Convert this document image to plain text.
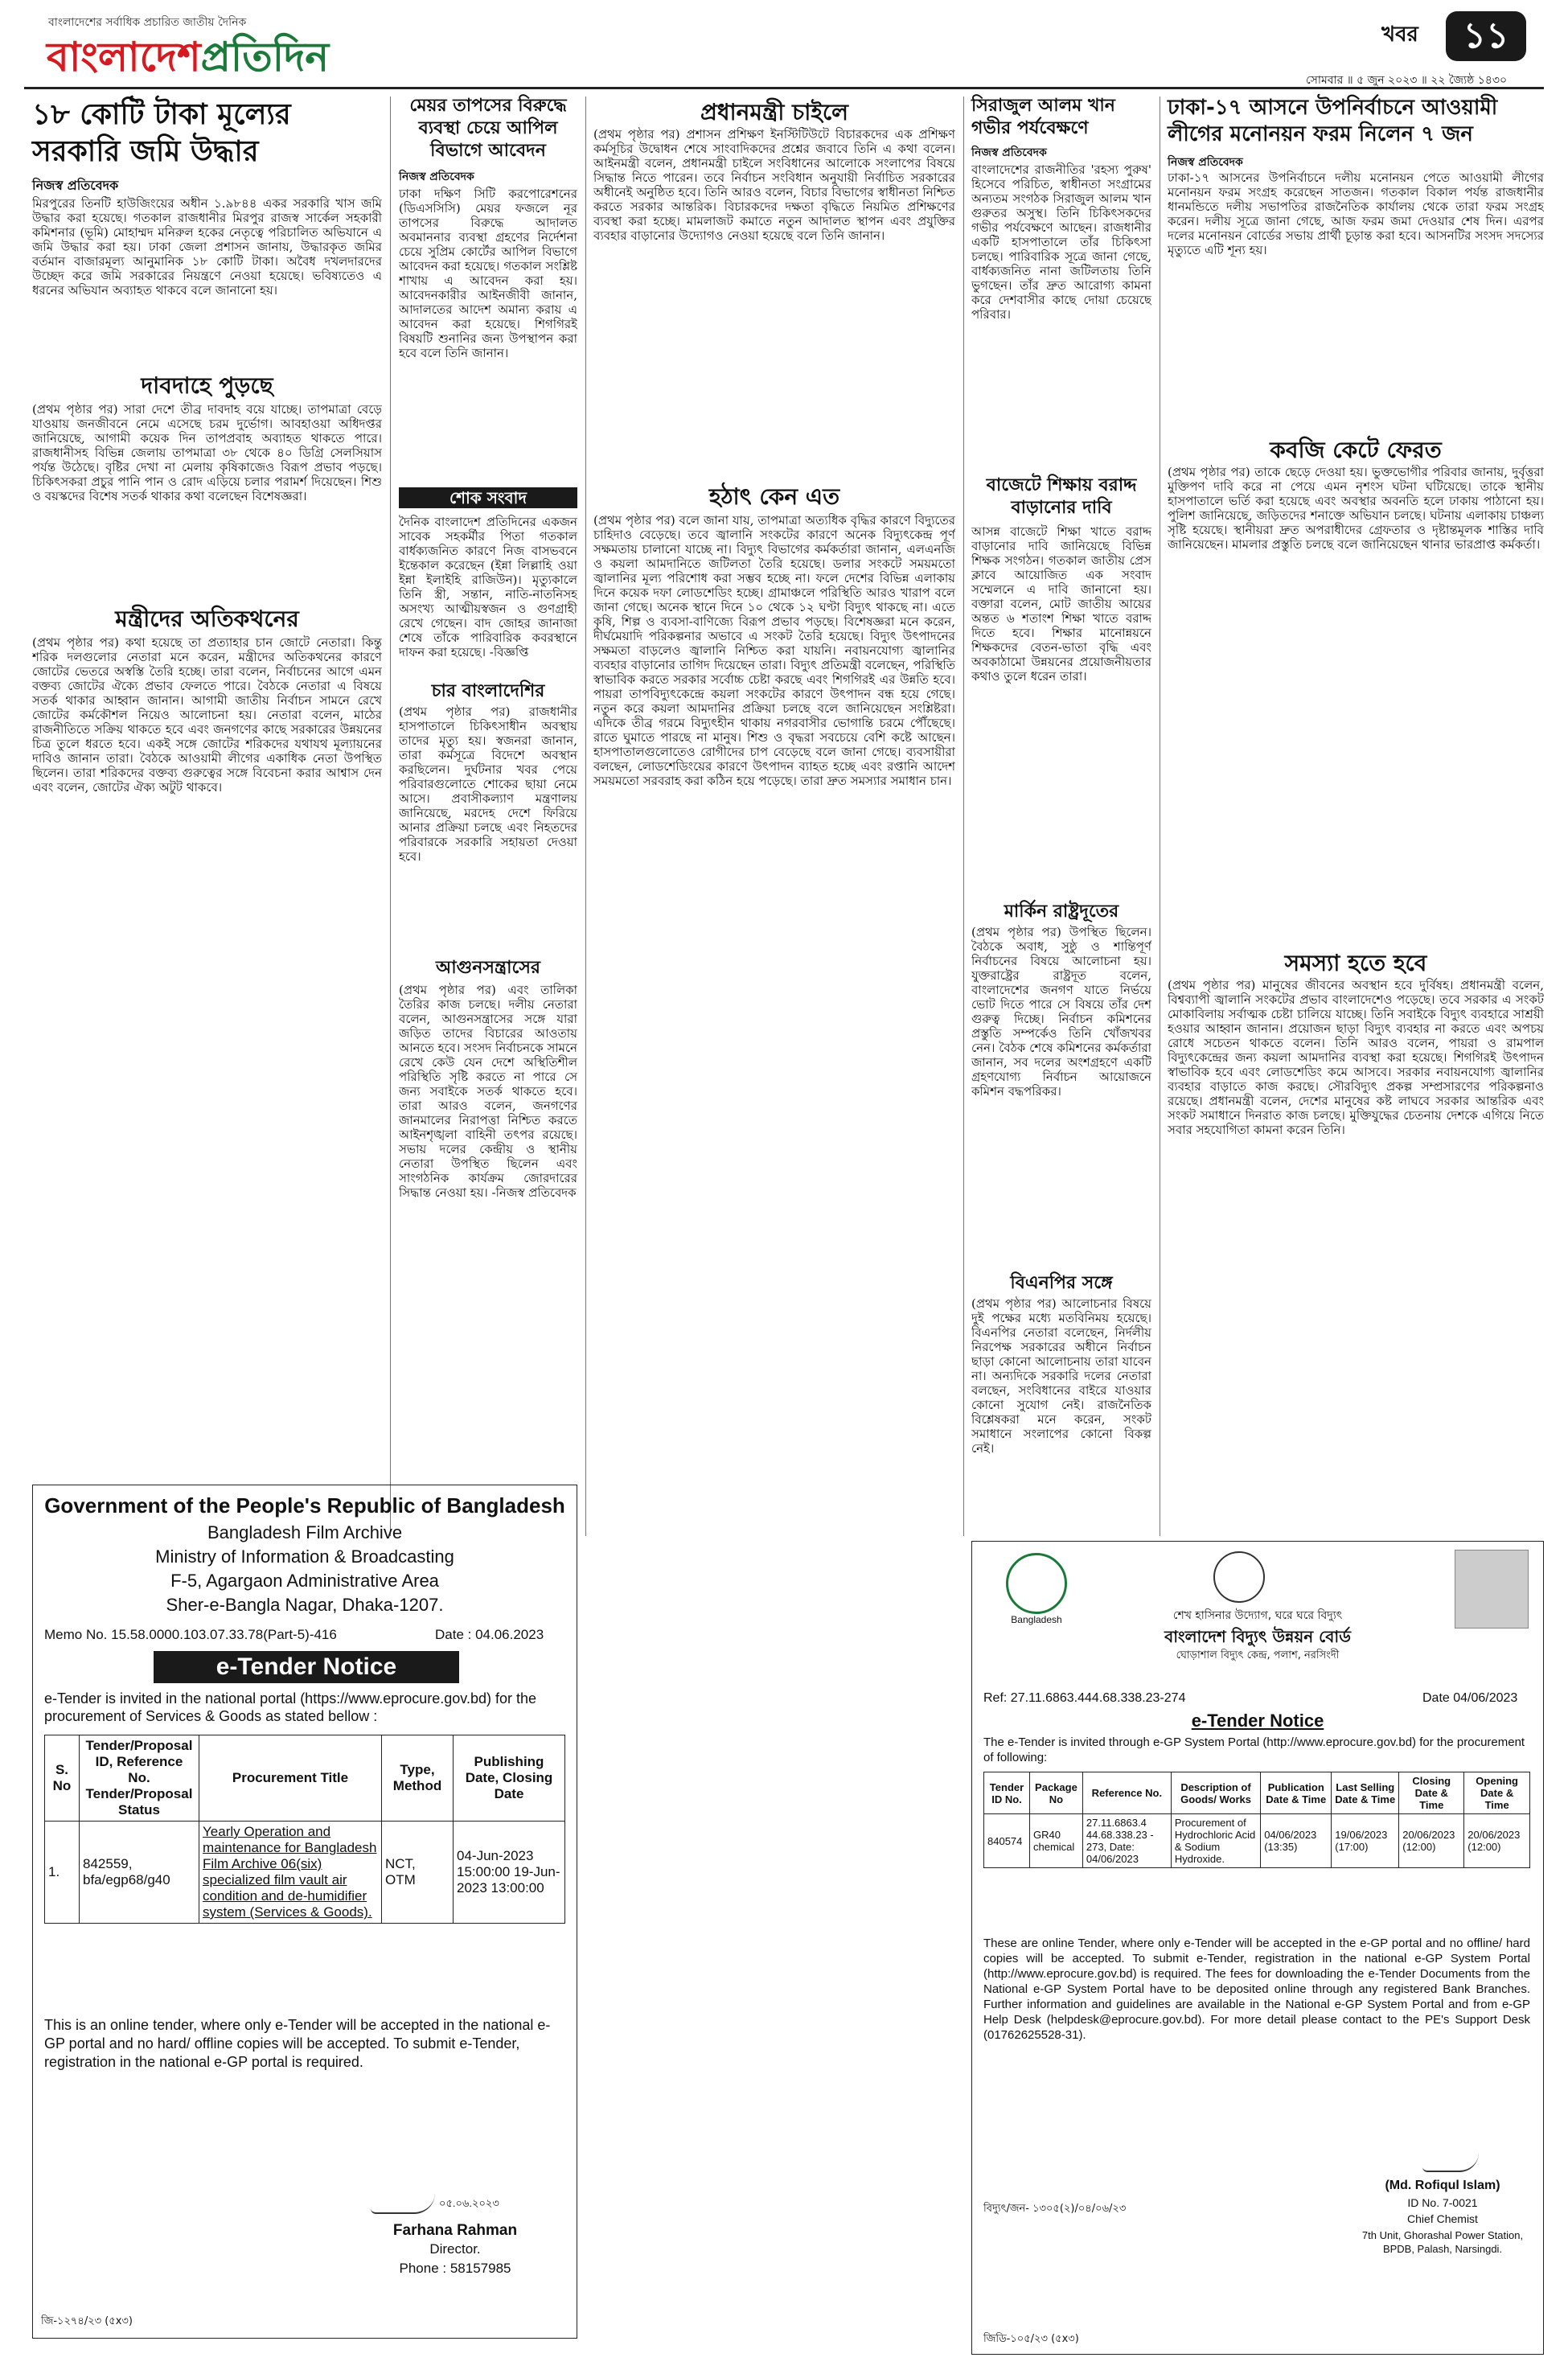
বাংলাদেশের সর্বাধিক প্রচারিত জাতীয় দৈনিক
বাংলাদেশপ্রতিদিন	খবর	১১
সোমবার ॥ ৫ জুন ২০২৩ ॥ ২২ জ্যৈষ্ঠ ১৪৩০
১৮ কোটি টাকা মূল্যের সরকারি জমি উদ্ধার
নিজস্ব প্রতিবেদক
মিরপুরের তিনটি হাউজিংয়ের অধীন ১.৯৮৪৪ একর সরকারি খাস জমি উদ্ধার করা হয়েছে। গতকাল রাজধানীর মিরপুর রাজস্ব সার্কেল সহকারী কমিশনার (ভূমি) মোহাম্মদ মনিরুল হকের নেতৃত্বে পরিচালিত অভিযানে এ জমি উদ্ধার করা হয়। ঢাকা জেলা প্রশাসন জানায়, উদ্ধারকৃত জমির বর্তমান বাজারমূল্য আনুমানিক ১৮ কোটি টাকা। অবৈধ দখলদারদের উচ্ছেদ করে জমি সরকারের নিয়ন্ত্রণে নেওয়া হয়েছে। ভবিষ্যতেও এ ধরনের অভিযান অব্যাহত থাকবে বলে জানানো হয়।
দাবদাহে পুড়ছে
(প্রথম পৃষ্ঠার পর) সারা দেশে তীব্র দাবদাহ বয়ে যাচ্ছে। তাপমাত্রা বেড়ে যাওয়ায় জনজীবনে নেমে এসেছে চরম দুর্ভোগ। আবহাওয়া অধিদপ্তর জানিয়েছে, আগামী কয়েক দিন তাপপ্রবাহ অব্যাহত থাকতে পারে। রাজধানীসহ বিভিন্ন জেলায় তাপমাত্রা ৩৮ থেকে ৪০ ডিগ্রি সেলসিয়াস পর্যন্ত উঠেছে। বৃষ্টির দেখা না মেলায় কৃষিকাজেও বিরূপ প্রভাব পড়ছে। চিকিৎসকরা প্রচুর পানি পান ও রোদ এড়িয়ে চলার পরামর্শ দিয়েছেন। শিশু ও বয়স্কদের বিশেষ সতর্ক থাকার কথা বলেছেন বিশেষজ্ঞরা।
মন্ত্রীদের অতিকথনের
(প্রথম পৃষ্ঠার পর) কথা হয়েছে তা প্রত্যাহার চান জোটে নেতারা। কিন্তু শরিক দলগুলোর নেতারা মনে করেন, মন্ত্রীদের অতিকথনের কারণে জোটের ভেতরে অস্বস্তি তৈরি হচ্ছে। তারা বলেন, নির্বাচনের আগে এমন বক্তব্য জোটের ঐক্যে প্রভাব ফেলতে পারে। বৈঠকে নেতারা এ বিষয়ে সতর্ক থাকার আহ্বান জানান। আগামী জাতীয় নির্বাচন সামনে রেখে জোটের কর্মকৌশল নিয়েও আলোচনা হয়। নেতারা বলেন, মাঠের রাজনীতিতে সক্রিয় থাকতে হবে এবং জনগণের কাছে সরকারের উন্নয়নের চিত্র তুলে ধরতে হবে। একই সঙ্গে জোটের শরিকদের যথাযথ মূল্যায়নের দাবিও জানান তারা। বৈঠকে আওয়ামী লীগের একাধিক নেতা উপস্থিত ছিলেন। তারা শরিকদের বক্তব্য গুরুত্বের সঙ্গে বিবেচনা করার আশ্বাস দেন এবং বলেন, জোটের ঐক্য অটুট থাকবে।
মেয়র তাপসের বিরুদ্ধে ব্যবস্থা চেয়ে আপিল বিভাগে আবেদন
নিজস্ব প্রতিবেদক
ঢাকা দক্ষিণ সিটি করপোরেশনের (ডিএসসিসি) মেয়র ফজলে নূর তাপসের বিরুদ্ধে আদালত অবমাননার ব্যবস্থা গ্রহণের নির্দেশনা চেয়ে সুপ্রিম কোর্টের আপিল বিভাগে আবেদন করা হয়েছে। গতকাল সংশ্লিষ্ট শাখায় এ আবেদন করা হয়। আবেদনকারীর আইনজীবী জানান, আদালতের আদেশ অমান্য করায় এ আবেদন করা হয়েছে। শিগগিরই বিষয়টি শুনানির জন্য উপস্থাপন করা হবে বলে তিনি জানান।
শোক সংবাদ
দৈনিক বাংলাদেশ প্রতিদিনের একজন সাবেক সহকর্মীর পিতা গতকাল বার্ধক্যজনিত কারণে নিজ বাসভবনে ইন্তেকাল করেছেন (ইন্না লিল্লাহি ওয়া ইন্না ইলাইহি রাজিউন)। মৃত্যুকালে তিনি স্ত্রী, সন্তান, নাতি-নাতনিসহ অসংখ্য আত্মীয়স্বজন ও গুণগ্রাহী রেখে গেছেন। বাদ জোহর জানাজা শেষে তাঁকে পারিবারিক কবরস্থানে দাফন করা হয়েছে। -বিজ্ঞপ্তি
চার বাংলাদেশির
(প্রথম পৃষ্ঠার পর) রাজধানীর হাসপাতালে চিকিৎসাধীন অবস্থায় তাদের মৃত্যু হয়। স্বজনরা জানান, তারা কর্মসূত্রে বিদেশে অবস্থান করছিলেন। দুর্ঘটনার খবর পেয়ে পরিবারগুলোতে শোকের ছায়া নেমে আসে। প্রবাসীকল্যাণ মন্ত্রণালয় জানিয়েছে, মরদেহ দেশে ফিরিয়ে আনার প্রক্রিয়া চলছে এবং নিহতদের পরিবারকে সরকারি সহায়তা দেওয়া হবে।
আগুনসন্ত্রাসের
(প্রথম পৃষ্ঠার পর) এবং তালিকা তৈরির কাজ চলছে। দলীয় নেতারা বলেন, আগুনসন্ত্রাসের সঙ্গে যারা জড়িত তাদের বিচারের আওতায় আনতে হবে। সংসদ নির্বাচনকে সামনে রেখে কেউ যেন দেশে অস্থিতিশীল পরিস্থিতি সৃষ্টি করতে না পারে সে জন্য সবাইকে সতর্ক থাকতে হবে। তারা আরও বলেন, জনগণের জানমালের নিরাপত্তা নিশ্চিত করতে আইনশৃঙ্খলা বাহিনী তৎপর রয়েছে। সভায় দলের কেন্দ্রীয় ও স্থানীয় নেতারা উপস্থিত ছিলেন এবং সাংগঠনিক কার্যক্রম জোরদারের সিদ্ধান্ত নেওয়া হয়। -নিজস্ব প্রতিবেদক
প্রধানমন্ত্রী চাইলে
(প্রথম পৃষ্ঠার পর) প্রশাসন প্রশিক্ষণ ইনস্টিটিউটে বিচারকদের এক প্রশিক্ষণ কর্মসূচির উদ্বোধন শেষে সাংবাদিকদের প্রশ্নের জবাবে তিনি এ কথা বলেন। আইনমন্ত্রী বলেন, প্রধানমন্ত্রী চাইলে সংবিধানের আলোকে সংলাপের বিষয়ে সিদ্ধান্ত নিতে পারেন। তবে নির্বাচন সংবিধান অনুযায়ী নির্বাচিত সরকারের অধীনেই অনুষ্ঠিত হবে। তিনি আরও বলেন, বিচার বিভাগের স্বাধীনতা নিশ্চিত করতে সরকার আন্তরিক। বিচারকদের দক্ষতা বৃদ্ধিতে নিয়মিত প্রশিক্ষণের ব্যবস্থা করা হচ্ছে। মামলাজট কমাতে নতুন আদালত স্থাপন এবং প্রযুক্তির ব্যবহার বাড়ানোর উদ্যোগও নেওয়া হয়েছে বলে তিনি জানান।
হঠাৎ কেন এত
(প্রথম পৃষ্ঠার পর) বলে জানা যায়, তাপমাত্রা অত্যধিক বৃদ্ধির কারণে বিদ্যুতের চাহিদাও বেড়েছে। তবে জ্বালানি সংকটের কারণে অনেক বিদ্যুৎকেন্দ্র পূর্ণ সক্ষমতায় চালানো যাচ্ছে না। বিদ্যুৎ বিভাগের কর্মকর্তারা জানান, এলএনজি ও কয়লা আমদানিতে জটিলতা তৈরি হয়েছে। ডলার সংকটে সময়মতো জ্বালানির মূল্য পরিশোধ করা সম্ভব হচ্ছে না। ফলে দেশের বিভিন্ন এলাকায় দিনে কয়েক দফা লোডশেডিং হচ্ছে। গ্রামাঞ্চলে পরিস্থিতি আরও খারাপ বলে জানা গেছে। অনেক স্থানে দিনে ১০ থেকে ১২ ঘণ্টা বিদ্যুৎ থাকছে না। এতে কৃষি, শিল্প ও ব্যবসা-বাণিজ্যে বিরূপ প্রভাব পড়ছে। বিশেষজ্ঞরা মনে করেন, দীর্ঘমেয়াদি পরিকল্পনার অভাবে এ সংকট তৈরি হয়েছে। বিদ্যুৎ উৎপাদনের সক্ষমতা বাড়লেও জ্বালানি নিশ্চিত করা যায়নি। নবায়নযোগ্য জ্বালানির ব্যবহার বাড়ানোর তাগিদ দিয়েছেন তারা। বিদ্যুৎ প্রতিমন্ত্রী বলেছেন, পরিস্থিতি স্বাভাবিক করতে সরকার সর্বোচ্চ চেষ্টা করছে এবং শিগগিরই এর উন্নতি হবে। পায়রা তাপবিদ্যুৎকেন্দ্রে কয়লা সংকটের কারণে উৎপাদন বন্ধ হয়ে গেছে। নতুন করে কয়লা আমদানির প্রক্রিয়া চলছে বলে জানিয়েছেন সংশ্লিষ্টরা। এদিকে তীব্র গরমে বিদ্যুৎহীন থাকায় নগরবাসীর ভোগান্তি চরমে পৌঁছেছে। রাতে ঘুমাতে পারছে না মানুষ। শিশু ও বৃদ্ধরা সবচেয়ে বেশি কষ্টে আছেন। হাসপাতালগুলোতেও রোগীদের চাপ বেড়েছে বলে জানা গেছে। ব্যবসায়ীরা বলছেন, লোডশেডিংয়ের কারণে উৎপাদন ব্যাহত হচ্ছে এবং রপ্তানি আদেশ সময়মতো সরবরাহ করা কঠিন হয়ে পড়েছে। তারা দ্রুত সমস্যার সমাধান চান।
সিরাজুল আলম খান গভীর পর্যবেক্ষণে
নিজস্ব প্রতিবেদক
বাংলাদেশের রাজনীতির 'রহস্য পুরুষ' হিসেবে পরিচিত, স্বাধীনতা সংগ্রামের অন্যতম সংগঠক সিরাজুল আলম খান গুরুতর অসুস্থ। তিনি চিকিৎসকদের গভীর পর্যবেক্ষণে আছেন। রাজধানীর একটি হাসপাতালে তাঁর চিকিৎসা চলছে। পারিবারিক সূত্রে জানা গেছে, বার্ধক্যজনিত নানা জটিলতায় তিনি ভুগছেন। তাঁর দ্রুত আরোগ্য কামনা করে দেশবাসীর কাছে দোয়া চেয়েছে পরিবার।
বাজেটে শিক্ষায় বরাদ্দ বাড়ানোর দাবি
আসন্ন বাজেটে শিক্ষা খাতে বরাদ্দ বাড়ানোর দাবি জানিয়েছে বিভিন্ন শিক্ষক সংগঠন। গতকাল জাতীয় প্রেস ক্লাবে আয়োজিত এক সংবাদ সম্মেলনে এ দাবি জানানো হয়। বক্তারা বলেন, মোট জাতীয় আয়ের অন্তত ৬ শতাংশ শিক্ষা খাতে বরাদ্দ দিতে হবে। শিক্ষার মানোন্নয়নে শিক্ষকদের বেতন-ভাতা বৃদ্ধি এবং অবকাঠামো উন্নয়নের প্রয়োজনীয়তার কথাও তুলে ধরেন তারা।
মার্কিন রাষ্ট্রদূতের
(প্রথম পৃষ্ঠার পর) উপস্থিত ছিলেন। বৈঠকে অবাধ, সুষ্ঠু ও শান্তিপূর্ণ নির্বাচনের বিষয়ে আলোচনা হয়। যুক্তরাষ্ট্রের রাষ্ট্রদূত বলেন, বাংলাদেশের জনগণ যাতে নির্ভয়ে ভোট দিতে পারে সে বিষয়ে তাঁর দেশ গুরুত্ব দিচ্ছে। নির্বাচন কমিশনের প্রস্তুতি সম্পর্কেও তিনি খোঁজখবর নেন। বৈঠক শেষে কমিশনের কর্মকর্তারা জানান, সব দলের অংশগ্রহণে একটি গ্রহণযোগ্য নির্বাচন আয়োজনে কমিশন বদ্ধপরিকর।
বিএনপির সঙ্গে
(প্রথম পৃষ্ঠার পর) আলোচনার বিষয়ে দুই পক্ষের মধ্যে মতবিনিময় হয়েছে। বিএনপির নেতারা বলেছেন, নির্দলীয় নিরপেক্ষ সরকারের অধীনে নির্বাচন ছাড়া কোনো আলোচনায় তারা যাবেন না। অন্যদিকে সরকারি দলের নেতারা বলছেন, সংবিধানের বাইরে যাওয়ার কোনো সুযোগ নেই। রাজনৈতিক বিশ্লেষকরা মনে করেন, সংকট সমাধানে সংলাপের কোনো বিকল্প নেই।
ঢাকা-১৭ আসনে উপনির্বাচনে আওয়ামী লীগের মনোনয়ন ফরম নিলেন ৭ জন
নিজস্ব প্রতিবেদক
ঢাকা-১৭ আসনের উপনির্বাচনে দলীয় মনোনয়ন পেতে আওয়ামী লীগের মনোনয়ন ফরম সংগ্রহ করেছেন সাতজন। গতকাল বিকাল পর্যন্ত রাজধানীর ধানমন্ডিতে দলীয় সভাপতির রাজনৈতিক কার্যালয় থেকে তারা ফরম সংগ্রহ করেন। দলীয় সূত্রে জানা গেছে, আজ ফরম জমা দেওয়ার শেষ দিন। এরপর দলের মনোনয়ন বোর্ডের সভায় প্রার্থী চূড়ান্ত করা হবে। আসনটির সংসদ সদস্যের মৃত্যুতে এটি শূন্য হয়।
কবজি কেটে ফেরত
(প্রথম পৃষ্ঠার পর) তাকে ছেড়ে দেওয়া হয়। ভুক্তভোগীর পরিবার জানায়, দুর্বৃত্তরা মুক্তিপণ দাবি করে না পেয়ে এমন নৃশংস ঘটনা ঘটিয়েছে। তাকে স্থানীয় হাসপাতালে ভর্তি করা হয়েছে এবং অবস্থার অবনতি হলে ঢাকায় পাঠানো হয়। পুলিশ জানিয়েছে, জড়িতদের শনাক্তে অভিযান চলছে। ঘটনায় এলাকায় চাঞ্চল্য সৃষ্টি হয়েছে। স্থানীয়রা দ্রুত অপরাধীদের গ্রেফতার ও দৃষ্টান্তমূলক শাস্তির দাবি জানিয়েছেন। মামলার প্রস্তুতি চলছে বলে জানিয়েছেন থানার ভারপ্রাপ্ত কর্মকর্তা।
সমস্যা হতে হবে
(প্রথম পৃষ্ঠার পর) মানুষের জীবনের অবস্থান হবে দুর্বিষহ। প্রধানমন্ত্রী বলেন, বিশ্বব্যাপী জ্বালানি সংকটের প্রভাব বাংলাদেশেও পড়েছে। তবে সরকার এ সংকট মোকাবিলায় সর্বাত্মক চেষ্টা চালিয়ে যাচ্ছে। তিনি সবাইকে বিদ্যুৎ ব্যবহারে সাশ্রয়ী হওয়ার আহ্বান জানান। প্রয়োজন ছাড়া বিদ্যুৎ ব্যবহার না করতে এবং অপচয় রোধে সচেতন থাকতে বলেন। তিনি আরও বলেন, পায়রা ও রামপাল বিদ্যুৎকেন্দ্রের জন্য কয়লা আমদানির ব্যবস্থা করা হয়েছে। শিগগিরই উৎপাদন স্বাভাবিক হবে এবং লোডশেডিং কমে আসবে। সরকার নবায়নযোগ্য জ্বালানির ব্যবহার বাড়াতে কাজ করছে। সৌরবিদ্যুৎ প্রকল্প সম্প্রসারণের পরিকল্পনাও রয়েছে। প্রধানমন্ত্রী বলেন, দেশের মানুষের কষ্ট লাঘবে সরকার আন্তরিক এবং সংকট সমাধানে দিনরাত কাজ চলছে। মুক্তিযুদ্ধের চেতনায় দেশকে এগিয়ে নিতে সবার সহযোগিতা কামনা করেন তিনি।
Government of the People's Republic of Bangladesh
Bangladesh Film Archive
Ministry of Information & Broadcasting
F-5, Agargaon Administrative Area
Sher-e-Bangla Nagar, Dhaka-1207.
Memo No. 15.58.0000.103.07.33.78(Part-5)-416	Date : 04.06.2023
e-Tender Notice
e-Tender is invited in the national portal (https://www.eprocure.gov.bd) for the procurement of Services & Goods as stated bellow :
S. No	Tender/Proposal ID, Reference No. Tender/Proposal Status	Procurement Title	Type, Method	Publishing Date, Closing Date
1.	842559, bfa/egp68/g40	Yearly Operation and maintenance for Bangladesh Film Archive 06(six) specialized film vault air condition and de-humidifier system (Services & Goods).	NCT, OTM	04-Jun-2023 15:00:00 19-Jun-2023 13:00:00
This is an online tender, where only e-Tender will be accepted in the national e-GP portal and no hard/ offline copies will be accepted. To submit e-Tender, registration in the national e-GP portal is required.
০৫.০৬.২০২৩
Farhana Rahman
Director.
Phone : 58157985
জি-১২৭৪/২৩ (৫x৩)
Bangladesh	শেখ হাসিনার উদ্যোগ, ঘরে ঘরে বিদ্যুৎ
বাংলাদেশ বিদ্যুৎ উন্নয়ন বোর্ড
ঘোড়াশাল বিদ্যুৎ কেন্দ্র, পলাশ, নরসিংদী
Ref: 27.11.6863.444.68.338.23-274	Date 04/06/2023
e-Tender Notice
The e-Tender is invited through e-GP System Portal (http://www.eprocure.gov.bd) for the procurement of following:
Tender ID No.	Package No	Reference No.	Description of Goods/ Works	Publication Date & Time	Last Selling Date & Time	Closing Date & Time	Opening Date & Time
840574	GR40 chemical	27.11.6863.4 44.68.338.23 - 273, Date: 04/06/2023	Procurement of Hydrochloric Acid & Sodium Hydroxide.	04/06/2023 (13:35)	19/06/2023 (17:00)	20/06/2023 (12:00)	20/06/2023 (12:00)
These are online Tender, where only e-Tender will be accepted in the e-GP portal and no offline/ hard copies will be accepted. To submit e-Tender, registration in the national e-GP System Portal (http://www.eprocure.gov.bd) is required. The fees for downloading the e-Tender Documents from the National e-GP System Portal have to be deposited online through any registered Bank Branches. Further information and guidelines are available in the National e-GP System Portal and from e-GP Help Desk (helpdesk@eprocure.gov.bd). For more detail please contact to the PE's Support Desk (01762625528-31).
(Md. Rofiqul Islam)
ID No. 7-0021
Chief Chemist
7th Unit, Ghorashal Power Station, BPDB, Palash, Narsingdi.
বিদ্যুৎ/জন- ১৩০৫(২)/০৪/০৬/২৩
জিডি-১০৫/২৩ (৫x৩)
